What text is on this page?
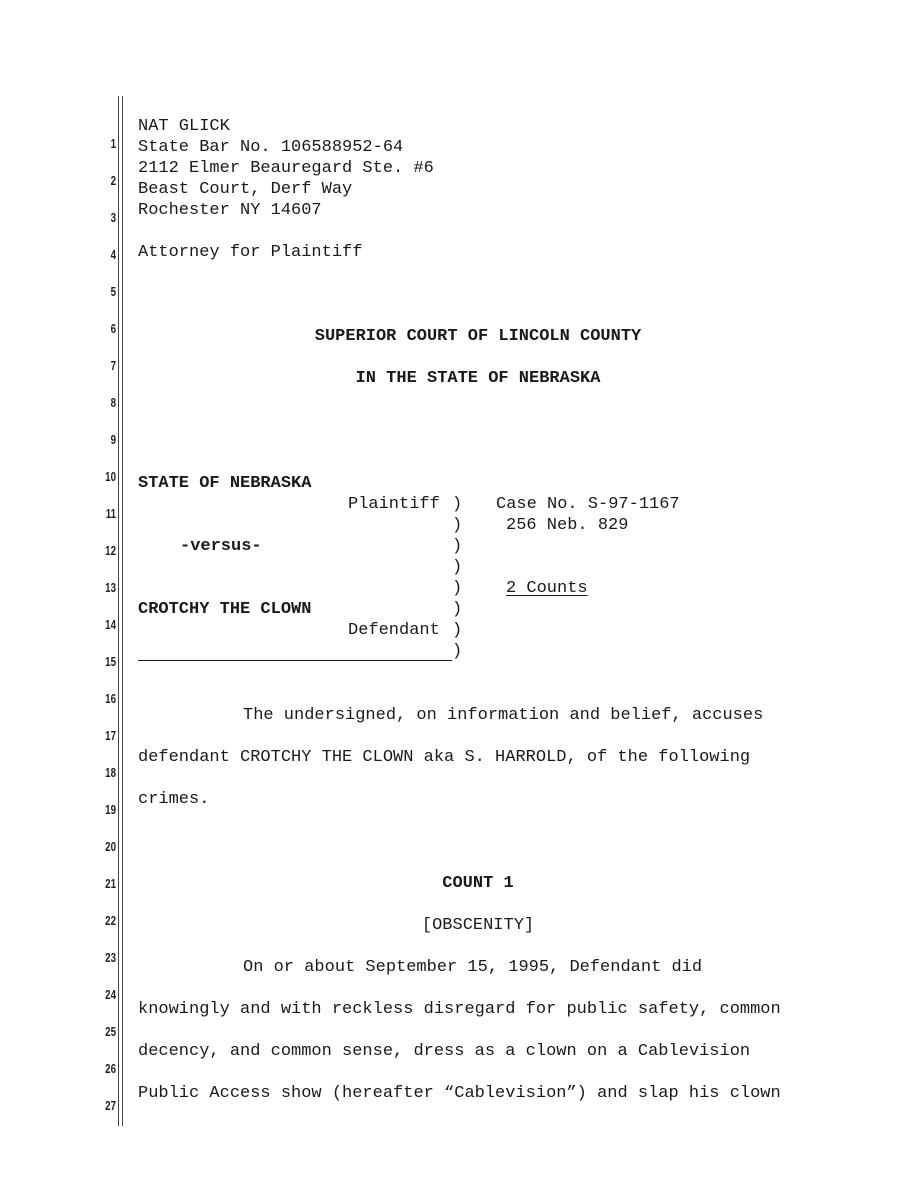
1
2
3
4
5
6
7
8
9
10
11
12
13
14
15
16
17
18
19
20
21
22
23
24
25
26
27
NAT GLICK
State Bar No. 106588952-64
2112 Elmer Beauregard Ste. #6
Beast Court, Derf Way
Rochester NY 14607
Attorney for Plaintiff
SUPERIOR COURT OF LINCOLN COUNTY
IN THE STATE OF NEBRASKA
STATE OF NEBRASKA
Plaintiff
-versus-
CROTCHY THE CLOWN
Defendant
)
)
)
)
)
)
)
)
Case No. S-97-1167
256 Neb. 829
2 Counts
The undersigned, on information and belief, accuses
defendant CROTCHY THE CLOWN aka S. HARROLD, of the following
crimes.
COUNT 1
[OBSCENITY]
On or about September 15, 1995, Defendant did
knowingly and with reckless disregard for public safety, common
decency, and common sense, dress as a clown on a Cablevision
Public Access show (hereafter “Cablevision”) and slap his clown
